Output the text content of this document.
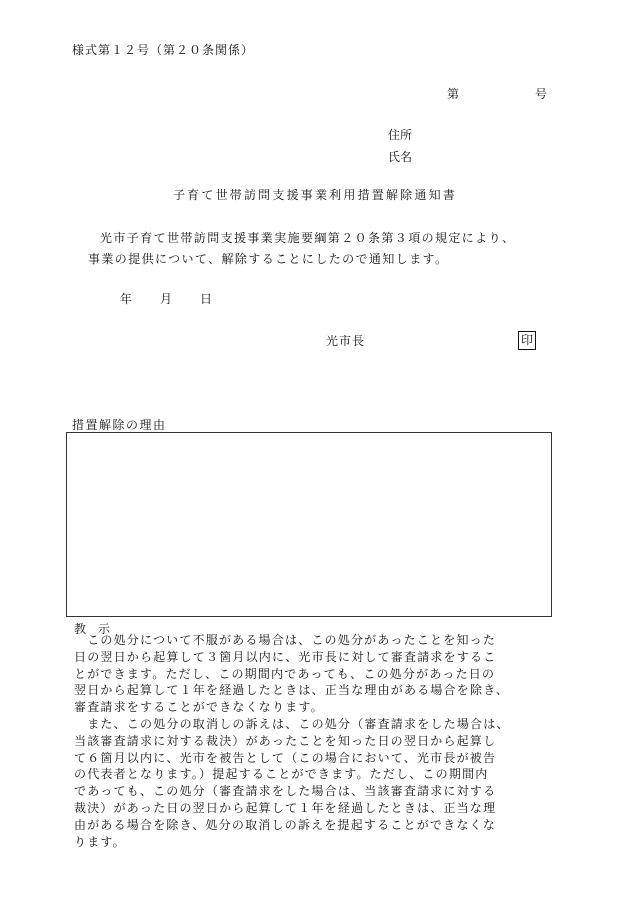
様式第１２号（第２０条関係）
第	号
住所
氏名
子育て世帯訪問支援事業利用措置解除通知書
光市子育て世帯訪問支援事業実施要綱第２０条第３項の規定により、
事業の提供について、解除することにしたので通知します。
年 月 日
光市長	印
措置解除の理由
教示
　この処分について不服がある場合は、この処分があったことを知った
日の翌日から起算して３箇月以内に、光市長に対して審査請求をするこ
とができます。ただし、この期間内であっても、この処分があった日の
翌日から起算して１年を経過したときは、正当な理由がある場合を除き、
審査請求をすることができなくなります。
　また、この処分の取消しの訴えは、この処分（審査請求をした場合は、
当該審査請求に対する裁決）があったことを知った日の翌日から起算し
て６箇月以内に、光市を被告として（この場合において、光市長が被告
の代表者となります。）提起することができます。ただし、この期間内
であっても、この処分（審査請求をした場合は、当該審査請求に対する
裁決）があった日の翌日から起算して１年を経過したときは、正当な理
由がある場合を除き、処分の取消しの訴えを提起することができなくな
ります。
